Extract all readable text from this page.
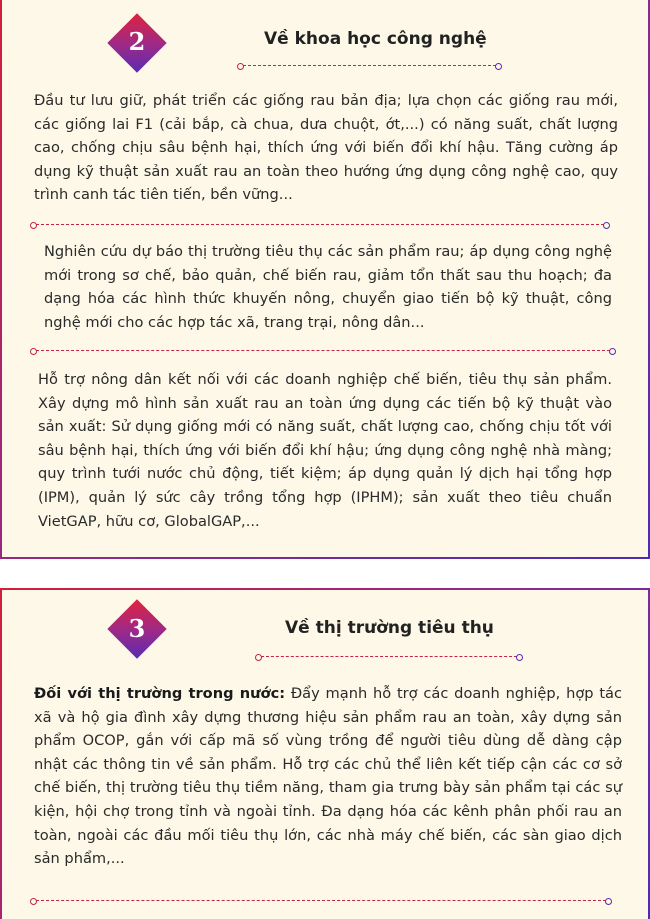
2	Về khoa học công nghệ

Đầu tư lưu giữ, phát triển các giống rau bản địa; lựa chọn các giống rau mới, các giống lai F1 (cải bắp, cà chua, dưa chuột, ớt,...) có năng suất, chất lượng cao, chống chịu sâu bệnh hại, thích ứng với biến đổi khí hậu. Tăng cường áp dụng kỹ thuật sản xuất rau an toàn theo hướng ứng dụng công nghệ cao, quy trình canh tác tiên tiến, bền vững...

Nghiên cứu dự báo thị trường tiêu thụ các sản phẩm rau; áp dụng công nghệ mới trong sơ chế, bảo quản, chế biến rau, giảm tổn thất sau thu hoạch; đa dạng hóa các hình thức khuyến nông, chuyển giao tiến bộ kỹ thuật, công nghệ mới cho các hợp tác xã, trang trại, nông dân...

Hỗ trợ nông dân kết nối với các doanh nghiệp chế biến, tiêu thụ sản phẩm. Xây dựng mô hình sản xuất rau an toàn ứng dụng các tiến bộ kỹ thuật vào sản xuất: Sử dụng giống mới có năng suất, chất lượng cao, chống chịu tốt với sâu bệnh hại, thích ứng với biến đổi khí hậu; ứng dụng công nghệ nhà màng; quy trình tưới nước chủ động, tiết kiệm; áp dụng quản lý dịch hại tổng hợp (IPM), quản lý sức cây trồng tổng hợp (IPHM); sản xuất theo tiêu chuẩn VietGAP, hữu cơ, GlobalGAP,...

3	Về thị trường tiêu thụ

Đối với thị trường trong nước: Đẩy mạnh hỗ trợ các doanh nghiệp, hợp tác xã và hộ gia đình xây dựng thương hiệu sản phẩm rau an toàn, xây dựng sản phẩm OCOP, gắn với cấp mã số vùng trồng để người tiêu dùng dễ dàng cập nhật các thông tin về sản phẩm. Hỗ trợ các chủ thể liên kết tiếp cận các cơ sở chế biến, thị trường tiêu thụ tiềm năng, tham gia trưng bày sản phẩm tại các sự kiện, hội chợ trong tỉnh và ngoài tỉnh. Đa dạng hóa các kênh phân phối rau an toàn, ngoài các đầu mối tiêu thụ lớn, các nhà máy chế biến, các sàn giao dịch sản phẩm,...
